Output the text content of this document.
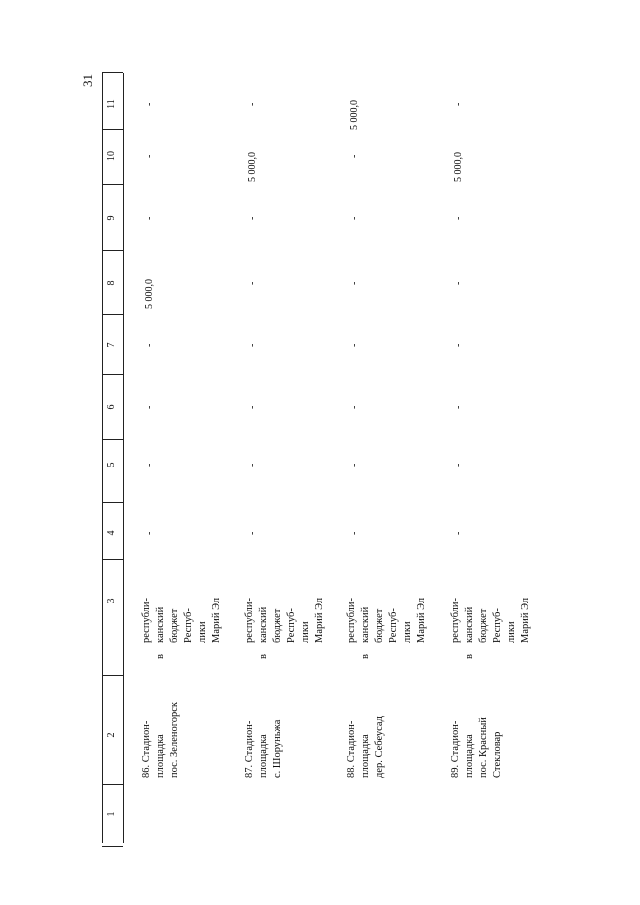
31
1
2
3
4
5
6
7
8
9
10
11
86. Стадион-
площадка
пос. Зеленогорск
в
республи-
канский
бюджет
Респуб-
лики
Марий Эл
-
-
-
-
5 000,0
-
-
-
87. Стадион-
площадка
с. Шоруньжа
в
республи-
канский
бюджет
Респуб-
лики
Марий Эл
-
-
-
-
-
-
5 000,0
-
88. Стадион-
площадка
дер. Себеусад
в
республи-
канский
бюджет
Респуб-
лики
Марий Эл
-
-
-
-
-
-
-
5 000,0
89. Стадион-
площадка
пос. Красный
Стекловар
в
республи-
канский
бюджет
Респуб-
лики
Марий Эл
-
-
-
-
-
-
5 000,0
-
